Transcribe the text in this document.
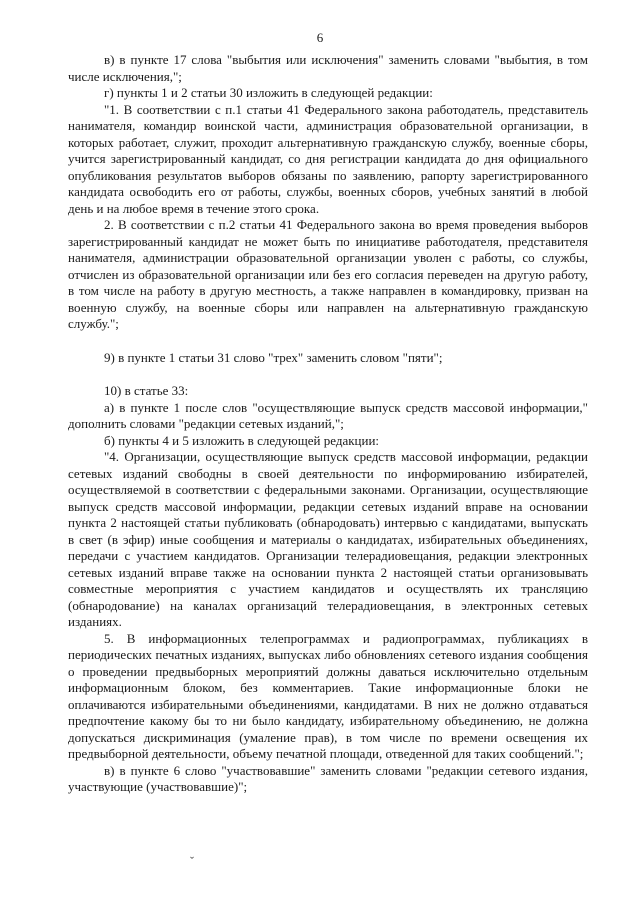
6

в) в пункте 17 слова "выбытия или исключения" заменить словами "выбытия, в том числе исключения,";

г) пункты 1 и 2 статьи 30 изложить в следующей редакции:

"1. В соответствии с п.1 статьи 41 Федерального закона работодатель, представитель нанимателя, командир воинской части, администрация образовательной организации, в которых работает, служит, проходит альтернативную гражданскую службу, военные сборы, учится зарегистрированный кандидат, со дня регистрации кандидата до дня официального опубликования результатов выборов обязаны по заявлению, рапорту зарегистрированного кандидата освободить его от работы, службы, военных сборов, учебных занятий в любой день и на любое время в течение этого срока.

2. В соответствии с п.2 статьи 41 Федерального закона во время проведения выборов зарегистрированный кандидат не может быть по инициативе работодателя, представителя нанимателя, администрации образовательной организации уволен с работы, со службы, отчислен из образовательной организации или без его согласия переведен на другую работу, в том числе на работу в другую местность, а также направлен в командировку, призван на военную службу, на военные сборы или направлен на альтернативную гражданскую службу.";

9) в пункте 1 статьи 31 слово "трех" заменить словом "пяти";

10) в статье 33:

а) в пункте 1 после слов "осуществляющие выпуск средств массовой информации," дополнить словами "редакции сетевых изданий,";

б) пункты 4 и 5 изложить в следующей редакции:

"4. Организации, осуществляющие выпуск средств массовой информации, редакции сетевых изданий свободны в своей деятельности по информированию избирателей, осуществляемой в соответствии с федеральными законами. Организации, осуществляющие выпуск средств массовой информации, редакции сетевых изданий вправе на основании пункта 2 настоящей статьи публиковать (обнародовать) интервью с кандидатами, выпускать в свет (в эфир) иные сообщения и материалы о кандидатах, избирательных объединениях, передачи с участием кандидатов. Организации телерадиовещания, редакции электронных сетевых изданий вправе также на основании пункта 2 настоящей статьи организовывать совместные мероприятия с участием кандидатов и осуществлять их трансляцию (обнародование) на каналах организаций телерадиовещания, в электронных сетевых изданиях.

5. В информационных телепрограммах и радиопрограммах, публикациях в периодических печатных изданиях, выпусках либо обновлениях сетевого издания сообщения о проведении предвыборных мероприятий должны даваться исключительно отдельным информационным блоком, без комментариев. Такие информационные блоки не оплачиваются избирательными объединениями, кандидатами. В них не должно отдаваться предпочтение какому бы то ни было кандидату, избирательному объединению, не должна допускаться дискриминация (умаление прав), в том числе по времени освещения их предвыборной деятельности, объему печатной площади, отведенной для таких сообщений.";

в) в пункте 6 слово "участвовавшие" заменить словами "редакции сетевого издания, участвующие (участвовавшие)";

ˇ
